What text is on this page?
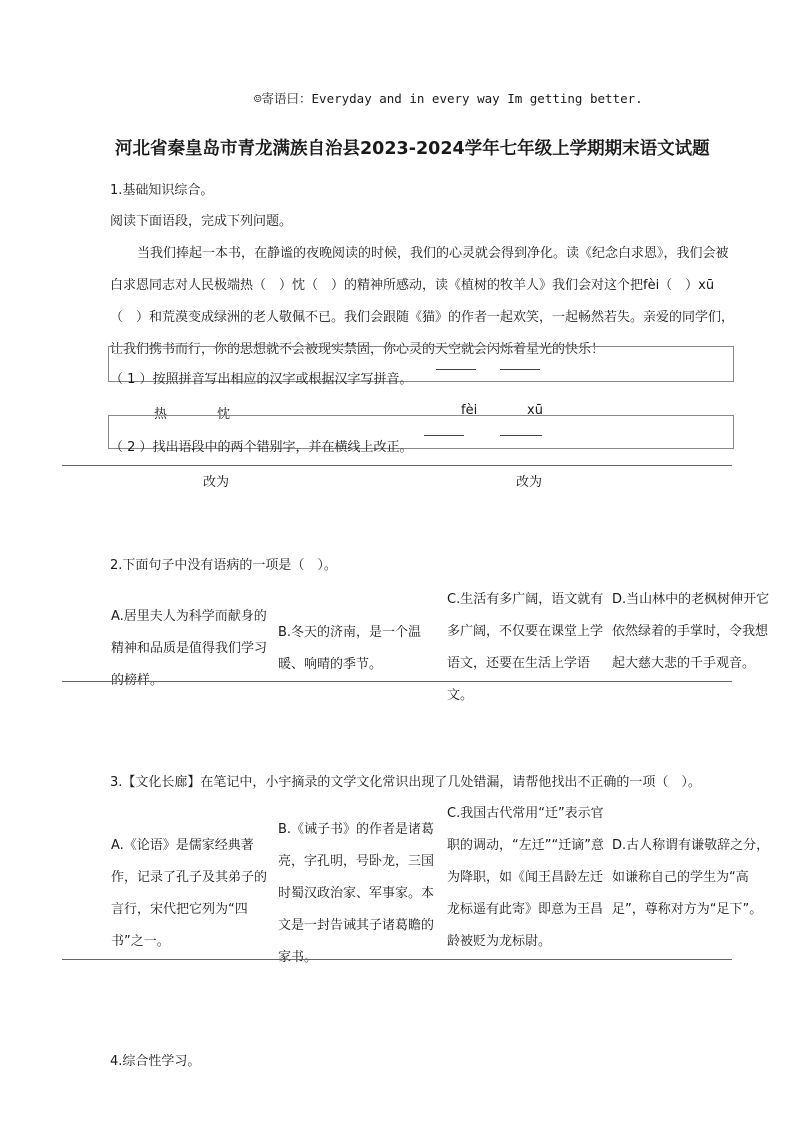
☺寄语曰：Everyday and in every way Im getting better.
河北省秦皇岛市青龙满族自治县2023-2024学年七年级上学期期末语文试题
1.基础知识综合。
阅读下面语段，完成下列问题。
当我们捧起一本书，在静谧的夜晚阅读的时候，我们的心灵就会得到净化。读《纪念白求恩》，我们会被
白求恩同志对人民极端热（　）忱（　）的精神所感动，读《植树的牧羊人》我们会对这个把fèi（　）xū
（　）和荒漠变成绿洲的老人敬佩不已。我们会跟随《猫》的作者一起欢笑，一起畅然若失。亲爱的同学们，
让我们携书而行，你的思想就不会被现实禁固，你心灵的天空就会闪烁着星光的快乐！
（ 1 ）按照拼音写出相应的汉字或根据汉字写拼音。
热	忱	fèi	xū
（ 2 ）找出语段中的两个错别字，并在横线上改正。
改为	改为
2.下面句子中没有语病的一项是（　）。
A.居里夫人为科学而献身的精神和品质是值得我们学习的榜样。
B.冬天的济南，是一个温暖、响晴的季节。
C.生活有多广阔，语文就有多广阔，不仅要在课堂上学语文，还要在生活上学语文。
D.当山林中的老枫树伸开它依然绿着的手掌时，令我想起大慈大悲的千手观音。
3.【文化长廊】在笔记中，小宇摘录的文学文化常识出现了几处错漏，请帮他找出不正确的一项（　）。
A.《论语》是儒家经典著作，记录了孔子及其弟子的言行，宋代把它列为“四书”之一。
B.《诫子书》的作者是诸葛亮，字孔明，号卧龙，三国时蜀汉政治家、军事家。本文是一封告诫其子诸葛瞻的家书。
C.我国古代常用“迁”表示官职的调动，“左迁”“迁谪”意为降职，如《闻王昌龄左迁龙标遥有此寄》即意为王昌龄被贬为龙标尉。
D.古人称谓有谦敬辞之分，如谦称自己的学生为“高足”，尊称对方为“足下”。
4.综合性学习。
